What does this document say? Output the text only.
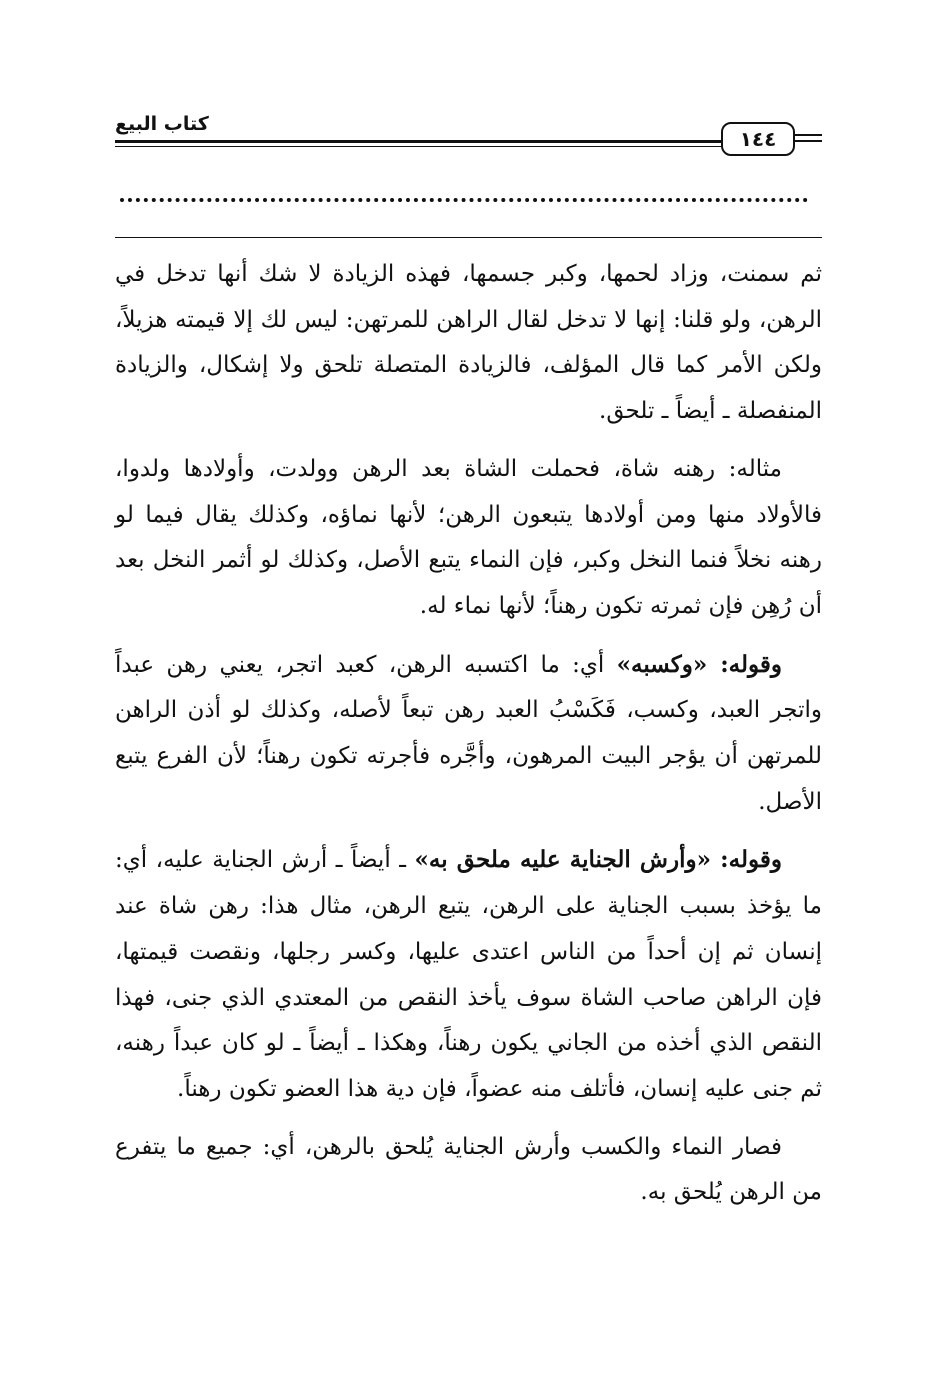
كتاب البيع
١٤٤

ثم سمنت، وزاد لحمها، وكبر جسمها، فهذه الزيادة لا شك أنها تدخل في الرهن، ولو قلنا: إنها لا تدخل لقال الراهن للمرتهن: ليس لك إلا قيمته هزيلاً، ولكن الأمر كما قال المؤلف، فالزيادة المتصلة تلحق ولا إشكال، والزيادة المنفصلة ـ أيضاً ـ تلحق.

مثاله: رهنه شاة، فحملت الشاة بعد الرهن وولدت، وأولادها ولدوا، فالأولاد منها ومن أولادها يتبعون الرهن؛ لأنها نماؤه، وكذلك يقال فيما لو رهنه نخلاً فنما النخل وكبر، فإن النماء يتبع الأصل، وكذلك لو أثمر النخل بعد أن رُهِن فإن ثمرته تكون رهناً؛ لأنها نماء له.

وقوله: «وكسبه» أي: ما اكتسبه الرهن، كعبد اتجر، يعني رهن عبداً واتجر العبد، وكسب، فَكَسْبُ العبد رهن تبعاً لأصله، وكذلك لو أذن الراهن للمرتهن أن يؤجر البيت المرهون، وأجَّره فأجرته تكون رهناً؛ لأن الفرع يتبع الأصل.

وقوله: «وأرش الجناية عليه ملحق به» ـ أيضاً ـ أرش الجناية عليه، أي: ما يؤخذ بسبب الجناية على الرهن، يتبع الرهن، مثال هذا: رهن شاة عند إنسان ثم إن أحداً من الناس اعتدى عليها، وكسر رجلها، ونقصت قيمتها، فإن الراهن صاحب الشاة سوف يأخذ النقص من المعتدي الذي جنى، فهذا النقص الذي أخذه من الجاني يكون رهناً، وهكذا ـ أيضاً ـ لو كان عبداً رهنه، ثم جنى عليه إنسان، فأتلف منه عضواً، فإن دية هذا العضو تكون رهناً.

فصار النماء والكسب وأرش الجناية يُلحق بالرهن، أي: جميع ما يتفرع من الرهن يُلحق به.
